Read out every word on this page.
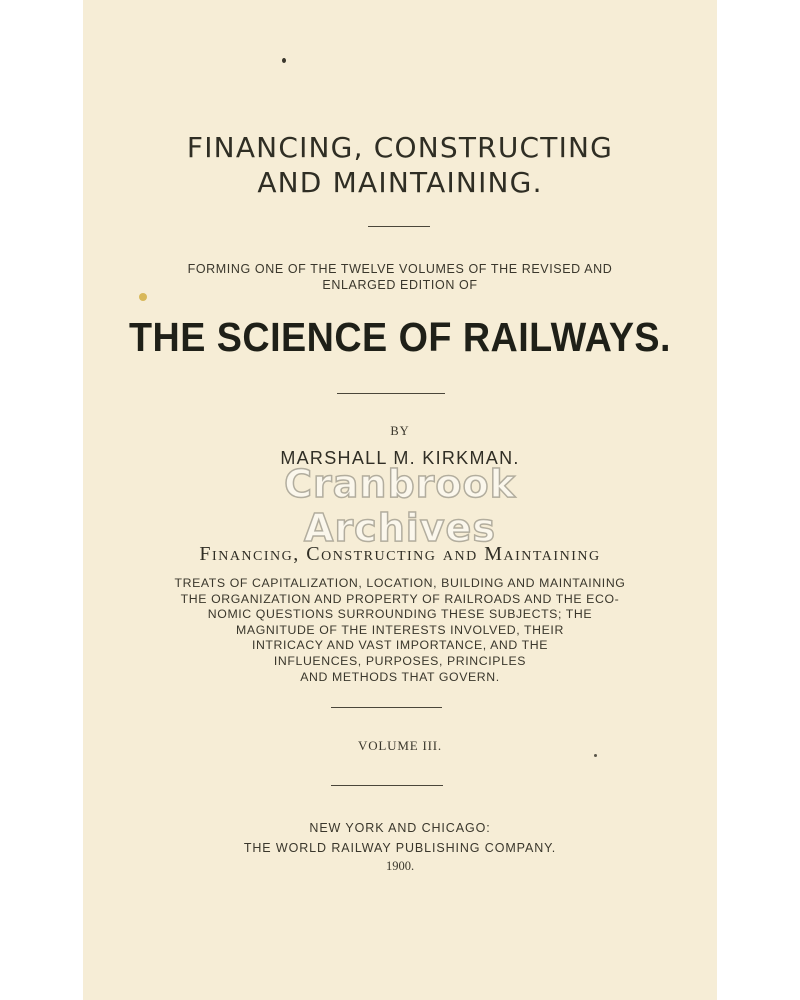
FINANCING, CONSTRUCTING
AND MAINTAINING.
FORMING ONE OF THE TWELVE VOLUMES OF THE REVISED AND
ENLARGED EDITION OF
THE SCIENCE OF RAILWAYS.
BY
MARSHALL M. KIRKMAN.
Financing, Constructing and Maintaining
TREATS OF CAPITALIZATION, LOCATION, BUILDING AND MAINTAINING
THE ORGANIZATION AND PROPERTY OF RAILROADS AND THE ECO-
NOMIC QUESTIONS SURROUNDING THESE SUBJECTS; THE
MAGNITUDE OF THE INTERESTS INVOLVED, THEIR
INTRICACY AND VAST IMPORTANCE, AND THE
INFLUENCES, PURPOSES, PRINCIPLES
AND METHODS THAT GOVERN.
VOLUME III.
NEW YORK AND CHICAGO:
THE WORLD RAILWAY PUBLISHING COMPANY.
1900.
Cranbrook
Archives
